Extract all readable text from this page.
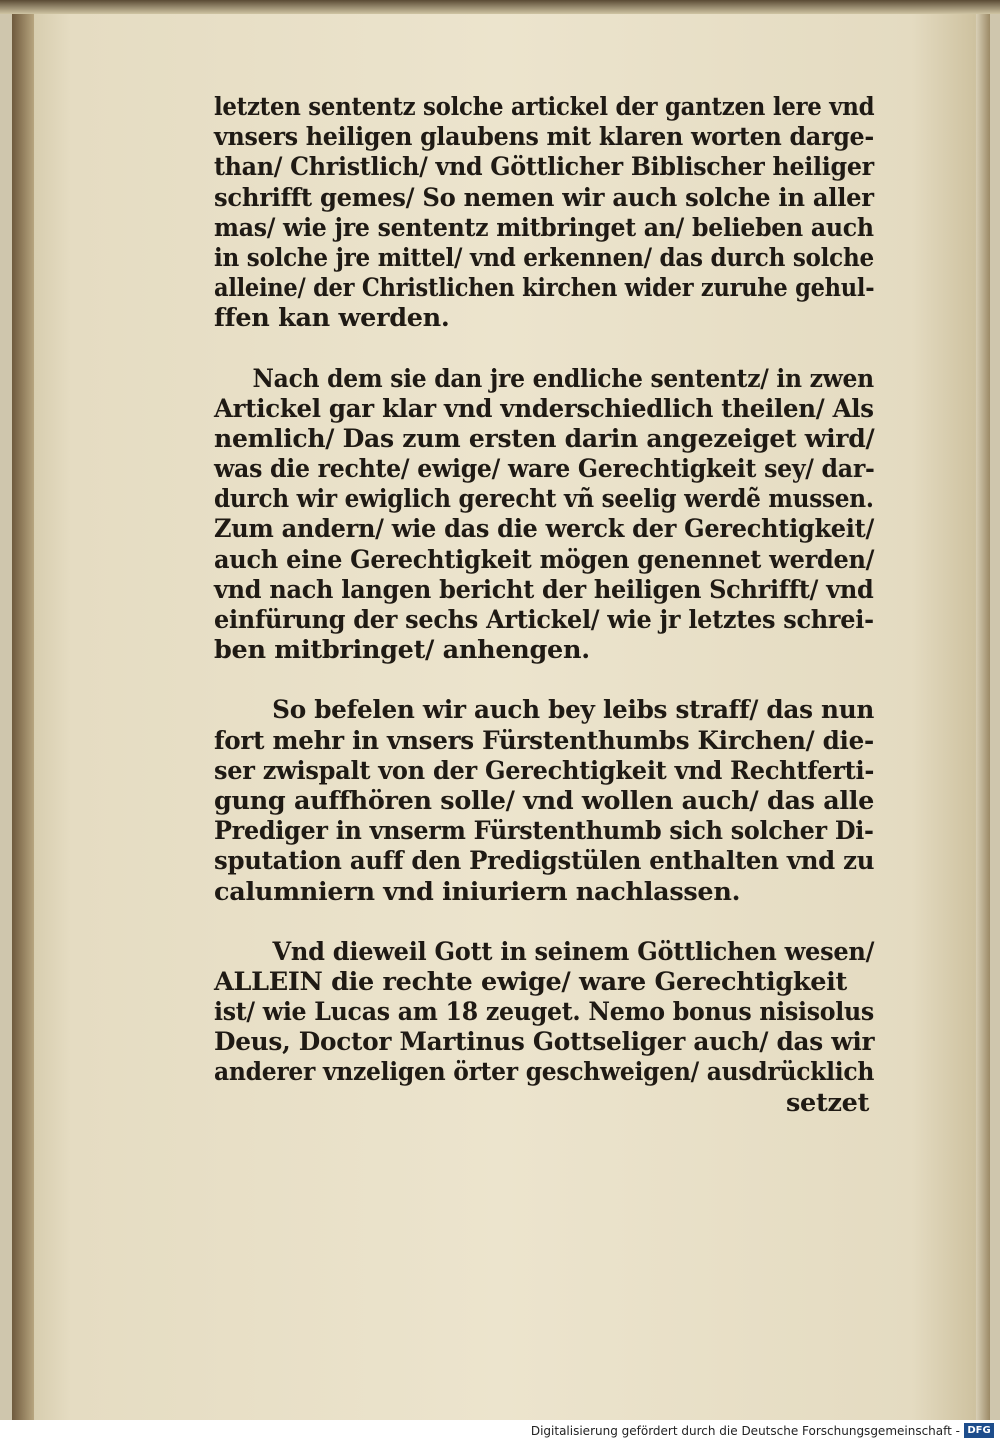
letzten sententz solche artickel der gantzen lere vnd
vnsers heiligen glaubens mit klaren worten darge-
than/ Christlich/ vnd Göttlicher Biblischer heiliger
schrifft gemes/ So nemen wir auch solche in aller
mas/ wie jre sententz mitbringet an/ belieben auch
in solche jre mittel/ vnd erkennen/ das durch solche
alleine/ der Christlichen kirchen wider zuruhe gehul-
ffen kan werden.
Nach dem sie dan jre endliche sententz/ in zwen
Artickel gar klar vnd vnderschiedlich theilen/ Als
nemlich/ Das zum ersten darin angezeiget wird/
was die rechte/ ewige/ ware Gerechtigkeit sey/ dar-
durch wir ewiglich gerecht vñ seelig werdẽ mussen.
Zum andern/ wie das die werck der Gerechtigkeit/
auch eine Gerechtigkeit mögen genennet werden/
vnd nach langen bericht der heiligen Schrifft/ vnd
einfürung der sechs Artickel/ wie jr letztes schrei-
ben mitbringet/ anhengen.
So befelen wir auch bey leibs straff/ das nun
fort mehr in vnsers Fürstenthumbs Kirchen/ die-
ser zwispalt von der Gerechtigkeit vnd Rechtferti-
gung auffhören solle/ vnd wollen auch/ das alle
Prediger in vnserm Fürstenthumb sich solcher Di-
sputation auff den Predigstülen enthalten vnd zu
calumniern vnd iniuriern nachlassen.
Vnd dieweil Gott in seinem Göttlichen wesen/
ALLEIN die rechte ewige/ ware Gerechtigkeit
ist/ wie Lucas am 18 zeuget. Nemo bonus nisisolus
Deus, Doctor Martinus Gottseliger auch/ das wir
anderer vnzeligen örter geschweigen/ ausdrücklich
setzet
Digitalisierung gefördert durch die Deutsche Forschungsgemeinschaft - DFG
